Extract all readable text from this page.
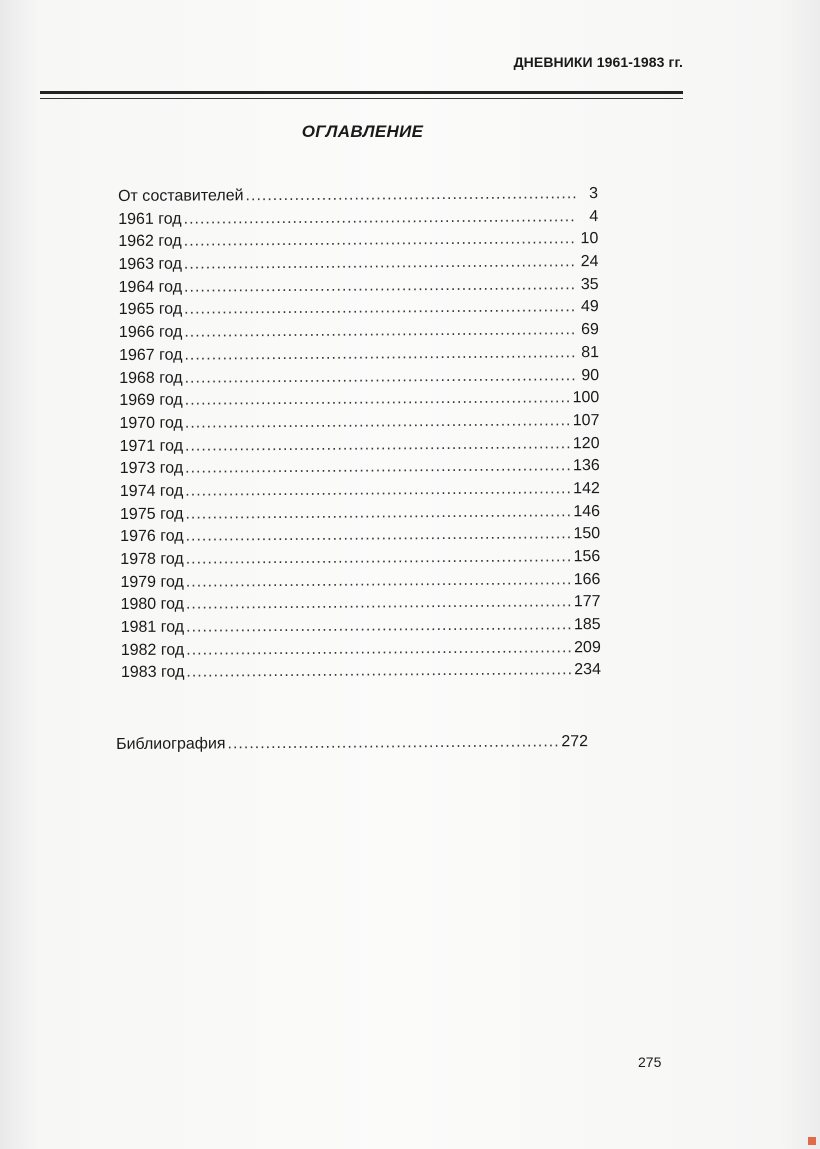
ДНЕВНИКИ 1961-1983 гг.
ОГЛАВЛЕНИЕ
От составителей .....	3
1961 год .....	4
1962 год .....	10
1963 год .....	24
1964 год .....	35
1965 год .....	49
1966 год .....	69
1967 год .....	81
1968 год .....	90
1969 год .....	100
1970 год .....	107
1971 год .....	120
1973 год .....	136
1974 год .....	142
1975 год .....	146
1976 год .....	150
1978 год .....	156
1979 год .....	166
1980 год .....	177
1981 год .....	185
1982 год .....	209
1983 год .....	234
Библиография .....	272
275
